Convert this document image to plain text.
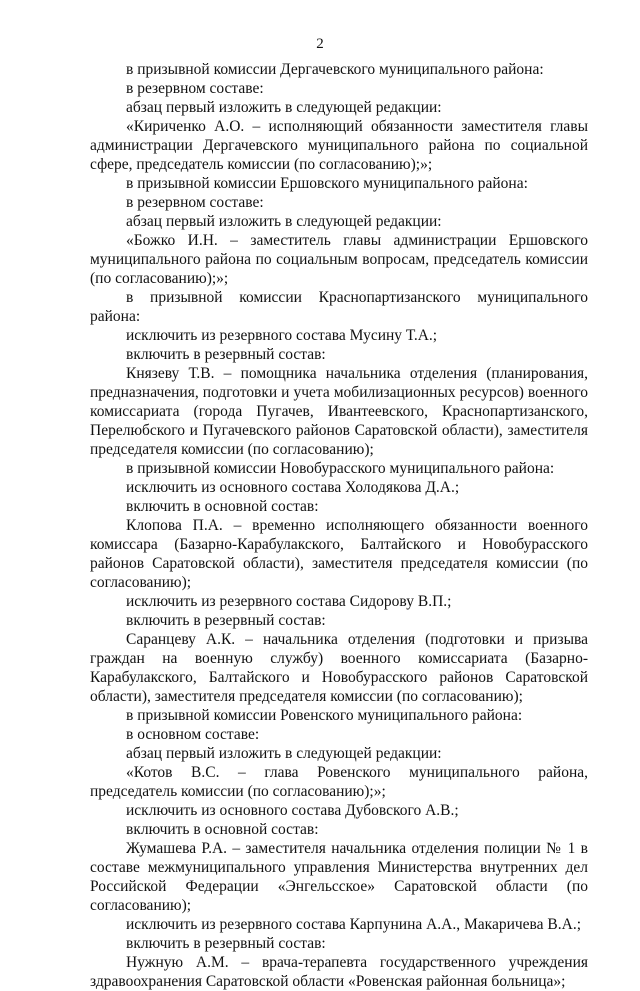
2

в призывной комиссии Дергачевского муниципального района:

в резервном составе:

абзац первый изложить в следующей редакции:

«Кириченко А.О. – исполняющий обязанности заместителя главы администрации Дергачевского муниципального района по социальной сфере, председатель комиссии (по согласованию);»;

в призывной комиссии Ершовского муниципального района:

в резервном составе:

абзац первый изложить в следующей редакции:

«Божко И.Н. – заместитель главы администрации Ершовского муниципального района по социальным вопросам, председатель комиссии (по согласованию);»;

в призывной комиссии Краснопартизанского муниципального района:

исключить из резервного состава Мусину Т.А.;

включить в резервный состав:

Князеву Т.В. – помощника начальника отделения (планирования, предназначения, подготовки и учета мобилизационных ресурсов) военного комиссариата (города Пугачев, Ивантеевского, Краснопартизанского, Перелюбского и Пугачевского районов Саратовской области), заместителя председателя комиссии (по согласованию);

в призывной комиссии Новобурасского муниципального района:

исключить из основного состава Холодякова Д.А.;

включить в основной состав:

Клопова П.А. – временно исполняющего обязанности военного комиссара (Базарно-Карабулакского, Балтайского и Новобурасского районов Саратовской области), заместителя председателя комиссии (по согласованию);

исключить из резервного состава Сидорову В.П.;

включить в резервный состав:

Саранцеву А.К. – начальника отделения (подготовки и призыва граждан на военную службу) военного комиссариата (Базарно-Карабулакского, Балтайского и Новобурасского районов Саратовской области), заместителя председателя комиссии (по согласованию);

в призывной комиссии Ровенского муниципального района:

в основном составе:

абзац первый изложить в следующей редакции:

«Котов В.С. – глава Ровенского муниципального района, председатель комиссии (по согласованию);»;

исключить из основного состава Дубовского А.В.;

включить в основной состав:

Жумашева Р.А. – заместителя начальника отделения полиции № 1 в составе межмуниципального управления Министерства внутренних дел Российской Федерации «Энгельсское» Саратовской области (по согласованию);

исключить из резервного состава Карпунина А.А., Макаричева В.А.;

включить в резервный состав:

Нужную А.М. – врача-терапевта государственного учреждения здравоохранения Саратовской области «Ровенская районная больница»;
